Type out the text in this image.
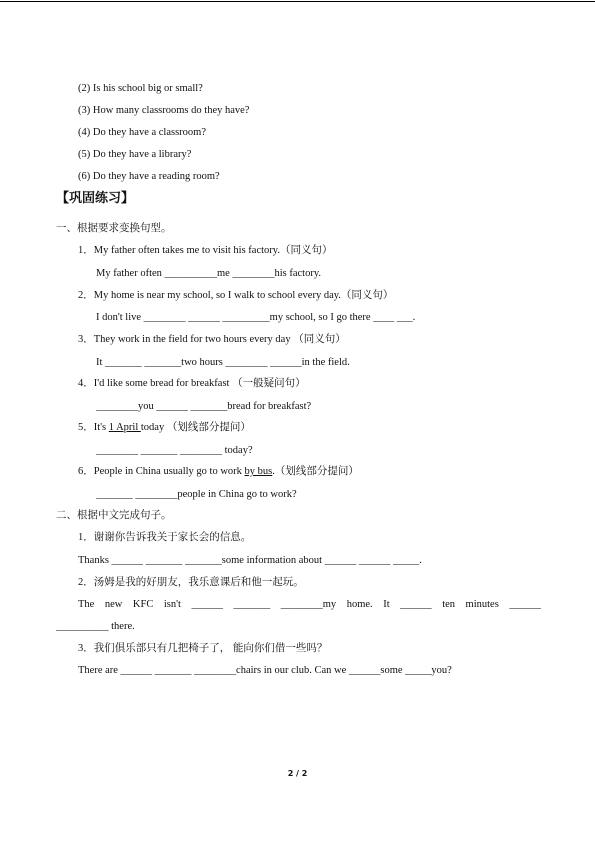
(2) Is his school big or small?
(3) How many classrooms do they have?
(4) Do they have a classroom?
(5) Do they have a library?
(6) Do they have a reading room?
【巩固练习】
一、根据要求变换句型。
1．My father often takes me to visit his factory.（同义句）
My father often __________me ________his factory.
2．My home is near my school, so I walk to school every day.（同义句）
I don't live ________ ______ _________my school, so I go there ____ ___.
3．They work in the field for two hours every day （同义句）
It _______ _______two hours ________ ______in the field.
4．I'd like some bread for breakfast （一般疑问句）
________you ______ _______bread for breakfast?
5．It's 1 April today （划线部分提问）
________ _______ ________ today?
6．People in China usually go to work by bus.（划线部分提问）
_______ ________people in China go to work?
二、根据中文完成句子。
1．谢谢你告诉我关于家长会的信息。
Thanks ______ _______ _______some information about ______ ______ _____.
2．汤姆是我的好朋友，我乐意课后和他一起玩。
The new KFC isn't ______ _______ ________my home. It ______ ten minutes ______
__________ there.
3．我们俱乐部只有几把椅子了， 能向你们借一些吗？
There are ______ _______ ________chairs in our club. Can we ______some _____you?
2 / 2
